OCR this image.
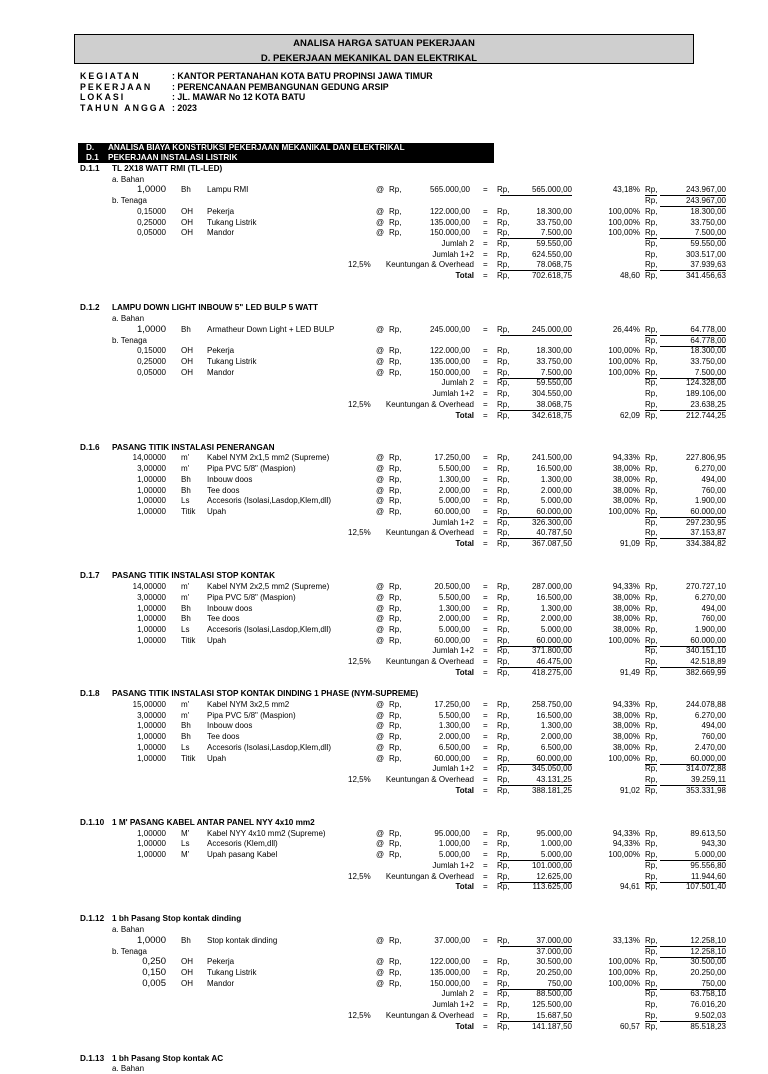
ANALISA HARGA SATUAN PEKERJAAN
D. PEKERJAAN MEKANIKAL DAN ELEKTRIKAL
KEGIATAN	: KANTOR PERTANAHAN KOTA BATU PROPINSI JAWA TIMUR
PEKERJAAN : PERENCANAAN PEMBANGUNAN GEDUNG ARSIP
LOKASI	: JL. MAWAR No 12 KOTA BATU
TAHUN ANGGA : 2023
D. ANALISA BIAYA KONSTRUKSI PEKERJAAN MEKANIKAL DAN ELEKTRIKAL
D.1 PEKERJAAN INSTALASI LISTRIK
D.1.1 TL 2X18 WATT RMI (TL-LED)
a. Bahan
1,0000 Bh Lampu RMI	@ Rp,	565.000,00 = Rp,	565.000,00	43,18% Rp,	243.967,00
b. Tenaga	Rp,	243.967,00
0,15000 OH Pekerja	@ Rp,	122.000,00 = Rp,	18.300,00	100,00% Rp,	18.300,00
0,25000 OH Tukang Listrik	@ Rp,	135.000,00 = Rp,	33.750,00	100,00% Rp,	33.750,00
0,05000 OH Mandor	@ Rp,	150.000,00 = Rp,	7.500,00	100,00% Rp,	7.500,00
Jumlah 2 = Rp,	59.550,00	Rp,	59.550,00
Jumlah 1+2 = Rp,	624.550,00	Rp,	303.517,00
12,5%	Keuntungan & Overhead = Rp,	78.068,75	Rp,	37.939,63
Total = Rp,	702.618,75	48,60 Rp,	341.456,63
D.1.2 LAMPU DOWN LIGHT INBOUW 5" LED BULP 5 WATT
a. Bahan
1,0000 Bh Armatheur Down Light + LED BULP	@ Rp,	245.000,00 = Rp,	245.000,00	26,44% Rp,	64.778,00
b. Tenaga	Rp,	64.778,00
0,15000 OH Pekerja	@ Rp,	122.000,00 = Rp,	18.300,00	100,00% Rp,	18.300,00
0,25000 OH Tukang Listrik	@ Rp,	135.000,00 = Rp,	33.750,00	100,00% Rp,	33.750,00
0,05000 OH Mandor	@ Rp,	150.000,00 = Rp,	7.500,00	100,00% Rp,	7.500,00
Jumlah 2 = Rp,	59.550,00	Rp,	124.328,00
Jumlah 1+2 = Rp,	304.550,00	Rp,	189.106,00
12,5%	Keuntungan & Overhead = Rp,	38.068,75	Rp,	23.638,25
Total = Rp,	342.618,75	62,09 Rp,	212.744,25
D.1.6 PASANG TITIK INSTALASI PENERANGAN
14,00000 m' Kabel NYM 2x1,5 mm2 (Supreme)	@ Rp,	17.250,00 = Rp,	241.500,00	94,33% Rp,	227.806,95
3,00000 m' Pipa PVC 5/8" (Maspion)	@ Rp,	5.500,00 = Rp,	16.500,00	38,00% Rp,	6.270,00
1,00000 Bh Inbouw doos	@ Rp,	1.300,00 = Rp,	1.300,00	38,00% Rp,	494,00
1,00000 Bh Tee doos	@ Rp,	2.000,00 = Rp,	2.000,00	38,00% Rp,	760,00
1,00000 Ls Accesoris (Isolasi,Lasdop,Klem,dll)	@ Rp,	5.000,00 = Rp,	5.000,00	38,00% Rp,	1.900,00
1,00000 Titik Upah	@ Rp,	60.000,00 = Rp,	60.000,00	100,00% Rp,	60.000,00
Jumlah 1+2 = Rp,	326.300,00	Rp,	297.230,95
12,5%	Keuntungan & Overhead = Rp,	40.787,50	Rp,	37.153,87
Total = Rp,	367.087,50	91,09 Rp,	334.384,82
D.1.7 PASANG TITIK INSTALASI STOP KONTAK
14,00000 m' Kabel NYM 2x2,5 mm2 (Supreme)	@ Rp,	20.500,00 = Rp,	287.000,00	94,33% Rp,	270.727,10
3,00000 m' Pipa PVC 5/8" (Maspion)	@ Rp,	5.500,00 = Rp,	16.500,00	38,00% Rp,	6.270,00
1,00000 Bh Inbouw doos	@ Rp,	1.300,00 = Rp,	1.300,00	38,00% Rp,	494,00
1,00000 Bh Tee doos	@ Rp,	2.000,00 = Rp,	2.000,00	38,00% Rp,	760,00
1,00000 Ls Accesoris (Isolasi,Lasdop,Klem,dll)	@ Rp,	5.000,00 = Rp,	5.000,00	38,00% Rp,	1.900,00
1,00000 Titik Upah	@ Rp,	60.000,00 = Rp,	60.000,00	100,00% Rp,	60.000,00
Jumlah 1+2 = Rp,	371.800,00	Rp,	340.151,10
12,5%	Keuntungan & Overhead = Rp,	46.475,00	Rp,	42.518,89
Total = Rp,	418.275,00	91,49 Rp,	382.669,99
D.1.8 PASANG TITIK INSTALASI STOP KONTAK DINDING 1 PHASE (NYM-SUPREME)
15,00000 m' Kabel NYM 3x2,5 mm2	@ Rp,	17.250,00 = Rp,	258.750,00	94,33% Rp,	244.078,88
3,00000 m' Pipa PVC 5/8" (Maspion)	@ Rp,	5.500,00 = Rp,	16.500,00	38,00% Rp,	6.270,00
1,00000 Bh Inbouw doos	@ Rp,	1.300,00 = Rp,	1.300,00	38,00% Rp,	494,00
1,00000 Bh Tee doos	@ Rp,	2.000,00 = Rp,	2.000,00	38,00% Rp,	760,00
1,00000 Ls Accesoris (Isolasi,Lasdop,Klem,dll)	@ Rp,	6.500,00 = Rp,	6.500,00	38,00% Rp,	2.470,00
1,00000 Titik Upah	@ Rp,	60.000,00 = Rp,	60.000,00	100,00% Rp,	60.000,00
Jumlah 1+2 = Rp,	345.050,00	Rp,	314.072,88
12,5%	Keuntungan & Overhead = Rp,	43.131,25	Rp,	39.259,11
Total = Rp,	388.181,25	91,02 Rp,	353.331,98
D.1.10 1 M' PASANG KABEL ANTAR PANEL NYY 4x10 mm2
1,00000 M' Kabel NYY 4x10 mm2 (Supreme)	@ Rp,	95.000,00 = Rp,	95.000,00	94,33% Rp,	89.613,50
1,00000 Ls Accesoris (Klem,dll)	@ Rp,	1.000,00 = Rp,	1.000,00	94,33% Rp,	943,30
1,00000 M' Upah pasang Kabel	@ Rp,	5.000,00 = Rp,	5.000,00	100,00% Rp,	5.000,00
Jumlah 1+2 = Rp,	101.000,00	Rp,	95.556,80
12,5%	Keuntungan & Overhead = Rp,	12.625,00	Rp,	11.944,60
Total = Rp,	113.625,00	94,61 Rp,	107.501,40
D.1.12 1 bh Pasang Stop kontak dinding
a. Bahan
1,0000 Bh Stop kontak dinding	@ Rp,	37.000,00 = Rp,	37.000,00	33,13% Rp,	12.258,10
b. Tenaga	37.000,00	Rp,	12.258,10
0,250 OH Pekerja	@ Rp,	122.000,00 = Rp,	30.500,00	100,00% Rp,	30.500,00
0,150 OH Tukang Listrik	@ Rp,	135.000,00 = Rp,	20.250,00	100,00% Rp,	20.250,00
0,005 OH Mandor	@ Rp,	150.000,00 = Rp,	750,00	100,00% Rp,	750,00
Jumlah 2 = Rp,	88.500,00	Rp,	63.758,10
Jumlah 1+2 = Rp,	125.500,00	Rp,	76.016,20
12,5%	Keuntungan & Overhead = Rp,	15.687,50	Rp,	9.502,03
Total = Rp,	141.187,50	60,57 Rp,	85.518,23
D.1.13 1 bh Pasang Stop kontak AC
a. Bahan
